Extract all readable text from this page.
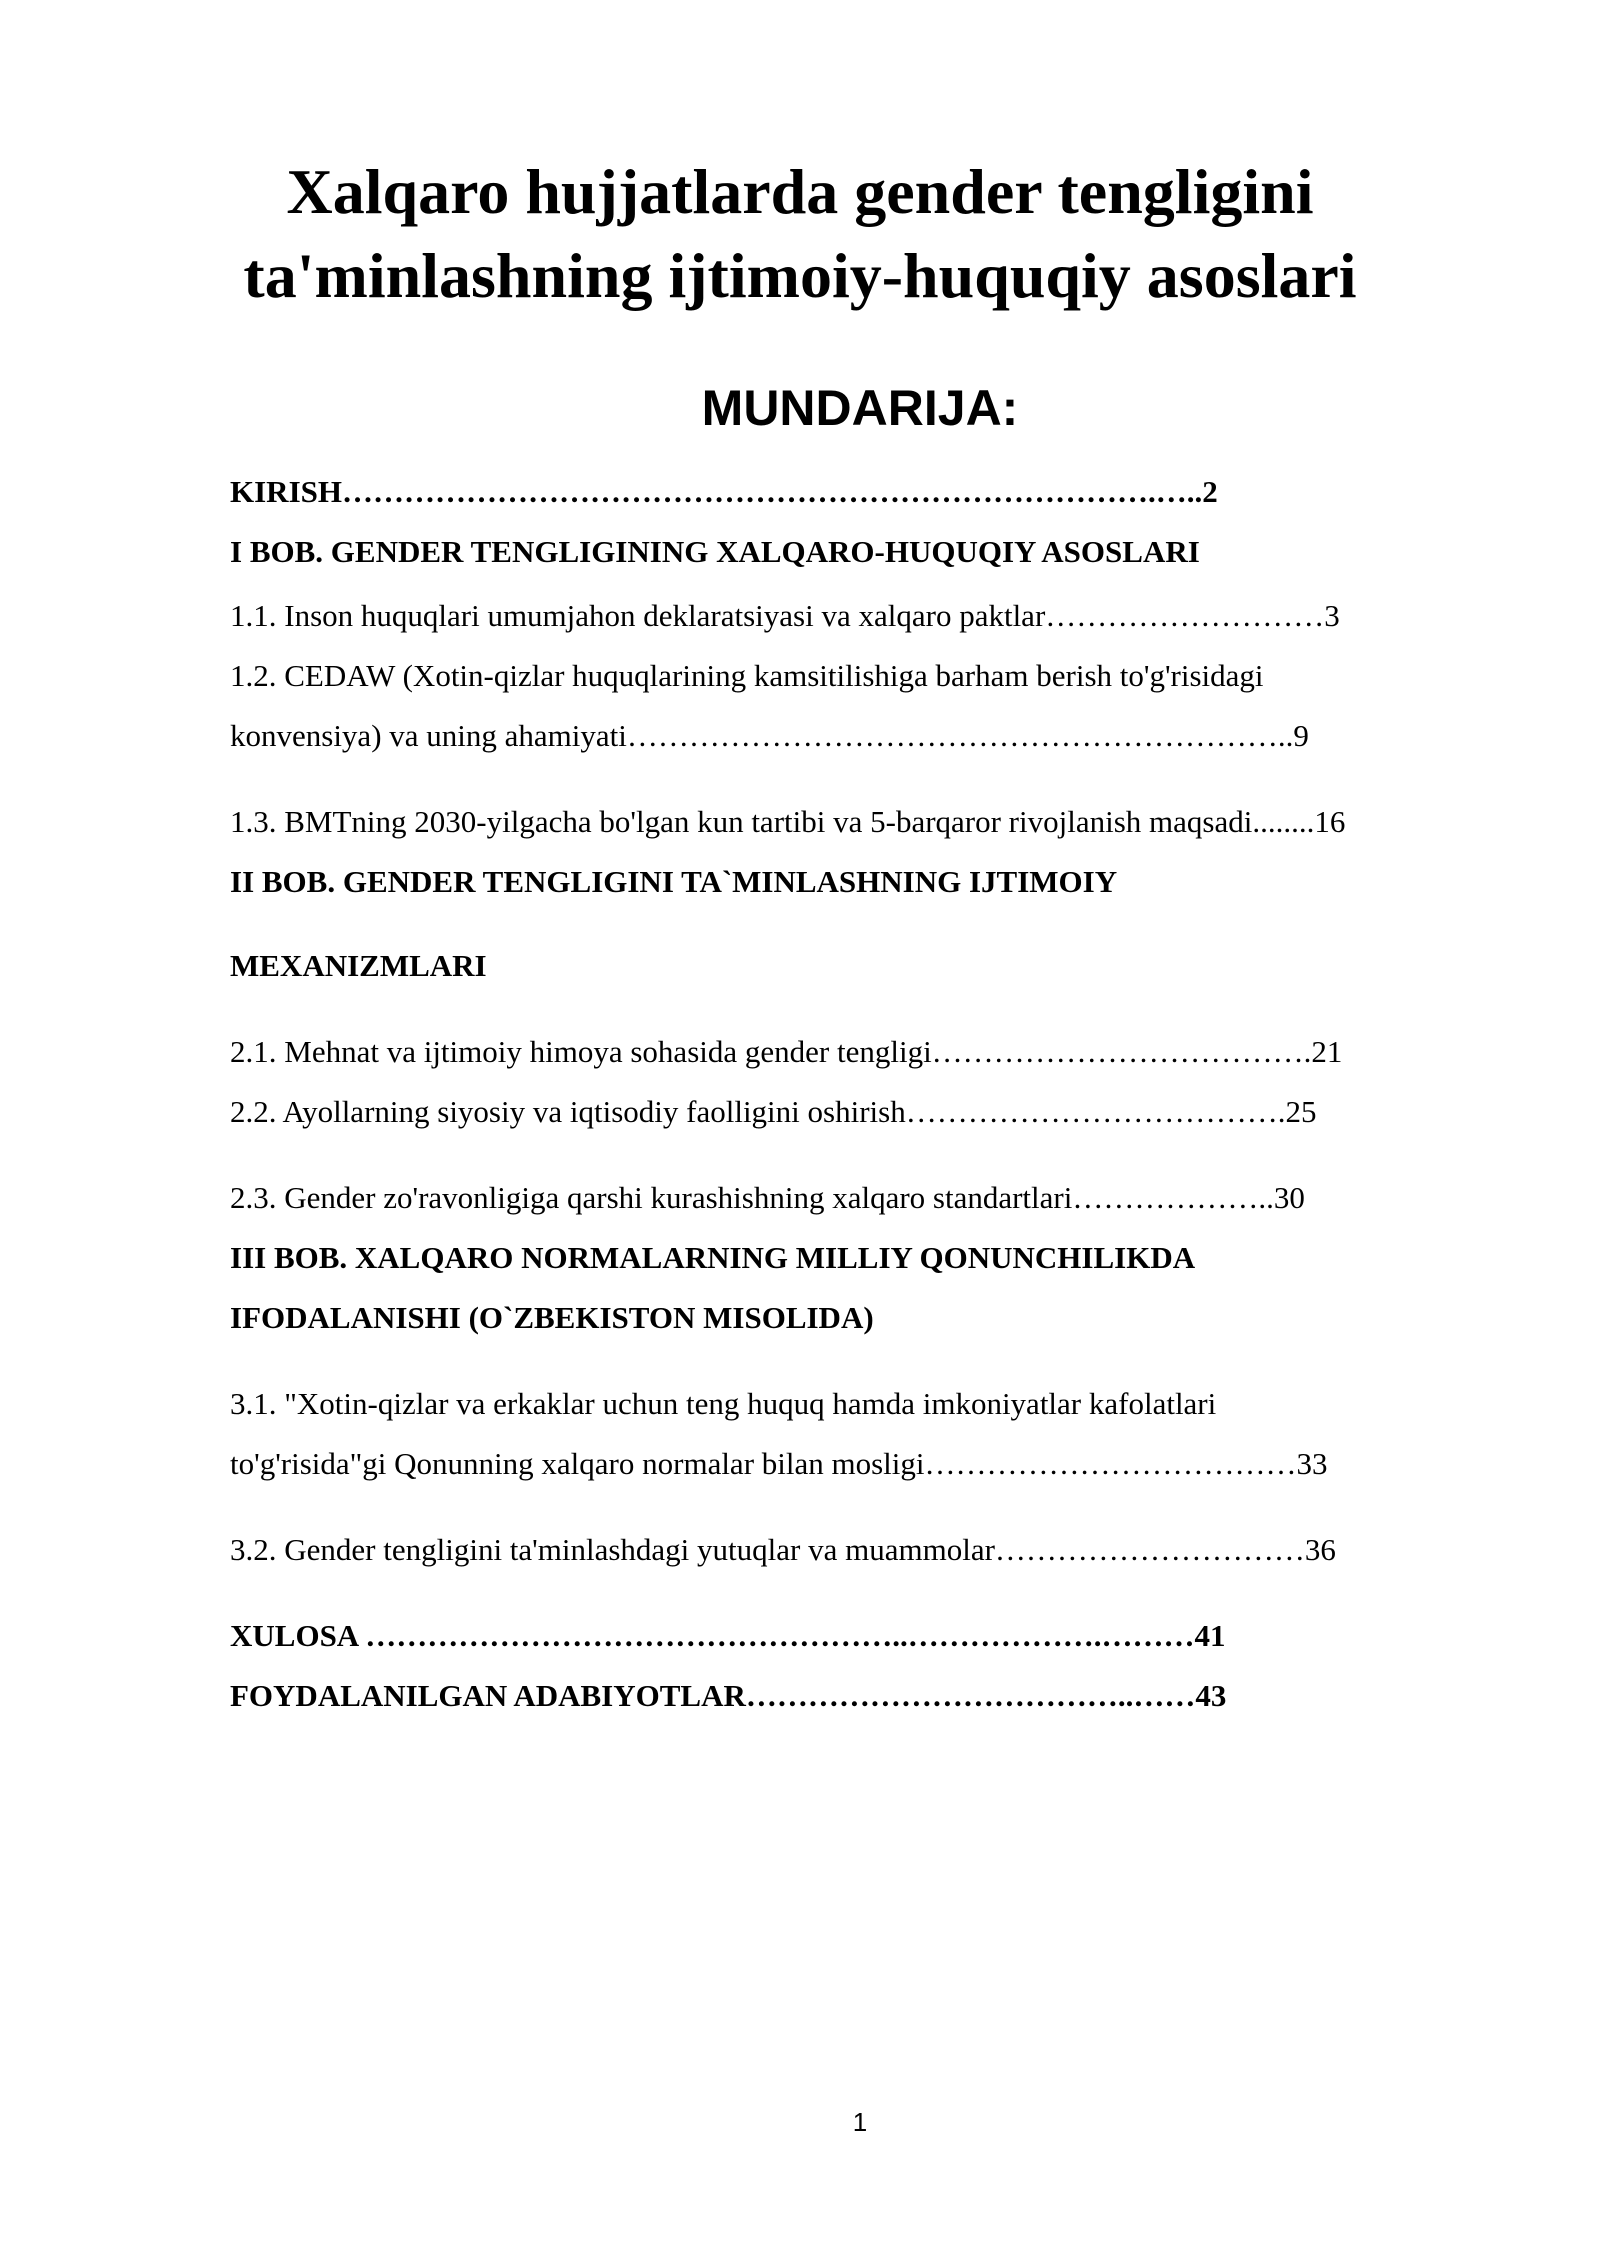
Xalqaro hujjatlarda gender tengligini
ta'minlashning ijtimoiy-huquqiy asoslari
MUNDARIJA:
KIRISH…………………………………………………………………….…..2
I BOB. GENDER TENGLIGINING XALQARO-HUQUQIY ASOSLARI
1.1. Inson huquqlari umumjahon deklaratsiyasi va xalqaro paktlar………………………3
1.2. CEDAW (Xotin-qizlar huquqlarining kamsitilishiga barham berish to'g'risidagi
konvensiya) va uning ahamiyati………………………………………………………..9
1.3. BMTning 2030-yilgacha bo'lgan kun tartibi va 5-barqaror rivojlanish maqsadi........16
II BOB. GENDER TENGLIGINI TA`MINLASHNING IJTIMOIY
MEXANIZMLARI
2.1. Mehnat va ijtimoiy himoya sohasida gender tengligi……………………………….21
2.2. Ayollarning siyosiy va iqtisodiy faolligini oshirish……………………………….25
2.3. Gender zo'ravonligiga qarshi kurashishning xalqaro standartlari………………..30
III BOB. XALQARO NORMALARNING MILLIY QONUNCHILIKDA
IFODALANISHI (O`ZBEKISTON MISOLIDA)
3.1. "Xotin-qizlar va erkaklar uchun teng huquq hamda imkoniyatlar kafolatlari
to'g'risida"gi Qonunning xalqaro normalar bilan mosligi………………………………33
3.2. Gender tengligini ta'minlashdagi yutuqlar va muammolar…………………………36
XULOSA ……………………………………………..……………….………41
FOYDALANILGAN ADABIYOTLAR………………………………..……43
1
